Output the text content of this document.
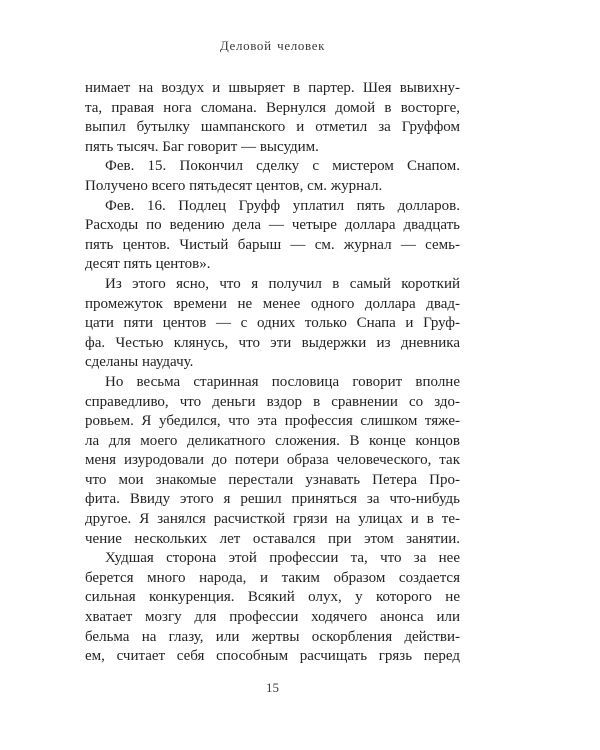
Деловой человек
нимает на воздух и швыряет в партер. Шея вывихну-
та, правая нога сломана. Вернулся домой в восторге,
выпил бутылку шампанского и отметил за Груффом
пять тысяч. Баг говорит — высудим.
Фев. 15. Покончил сделку с мистером Снапом.
Получено всего пятьдесят центов, см. журнал.
Фев. 16. Подлец Груфф уплатил пять долларов.
Расходы по ведению дела — четыре доллара двадцать
пять центов. Чистый барыш — см. журнал — семь-
десят пять центов».
Из этого ясно, что я получил в самый короткий
промежуток времени не менее одного доллара двад-
цати пяти центов — с одних только Снапа и Груф-
фа. Честью клянусь, что эти выдержки из дневника
сделаны наудачу.
Но весьма старинная пословица говорит вполне
справедливо, что деньги вздор в сравнении со здо-
ровьем. Я убедился, что эта профессия слишком тяже-
ла для моего деликатного сложения. В конце концов
меня изуродовали до потери образа человеческого, так
что мои знакомые перестали узнавать Петера Про-
фита. Ввиду этого я решил приняться за что-нибудь
другое. Я занялся расчисткой грязи на улицах и в те-
чение нескольких лет оставался при этом занятии.
Худшая сторона этой профессии та, что за нее
берется много народа, и таким образом создается
сильная конкуренция. Всякий олух, у которого не
хватает мозгу для профессии ходячего анонса или
бельма на глазу, или жертвы оскорбления действи-
ем, считает себя способным расчищать грязь перед
15
